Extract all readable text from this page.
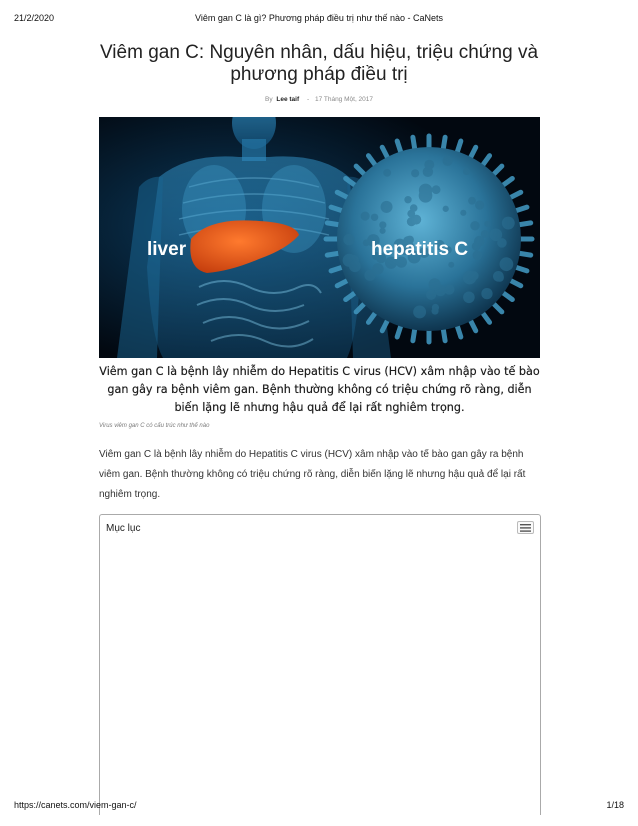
21/2/2020	Viêm gan C là gì? Phương pháp điều trị như thế nào - CaNets
Viêm gan C: Nguyên nhân, dấu hiệu, triệu chứng và phương pháp điều trị
By Lee taif - 17 Tháng Một, 2017
liver	hepatitis C
Viêm gan C là bệnh lây nhiễm do Hepatitis C virus (HCV) xâm nhập vào tế bào gan gây ra bệnh viêm gan. Bệnh thường không có triệu chứng rõ ràng, diễn biến lặng lẽ nhưng hậu quả để lại rất nghiêm trọng.
Virus viêm gan C có cấu trúc như thế nào

Viêm gan C là bệnh lây nhiễm do Hepatitis C virus (HCV) xâm nhập vào tế bào gan gây ra bệnh viêm gan. Bệnh thường không có triệu chứng rõ ràng, diễn biến lặng lẽ nhưng hậu quả để lại rất nghiêm trọng.

Mục lục
https://canets.com/viem-gan-c/	1/18
